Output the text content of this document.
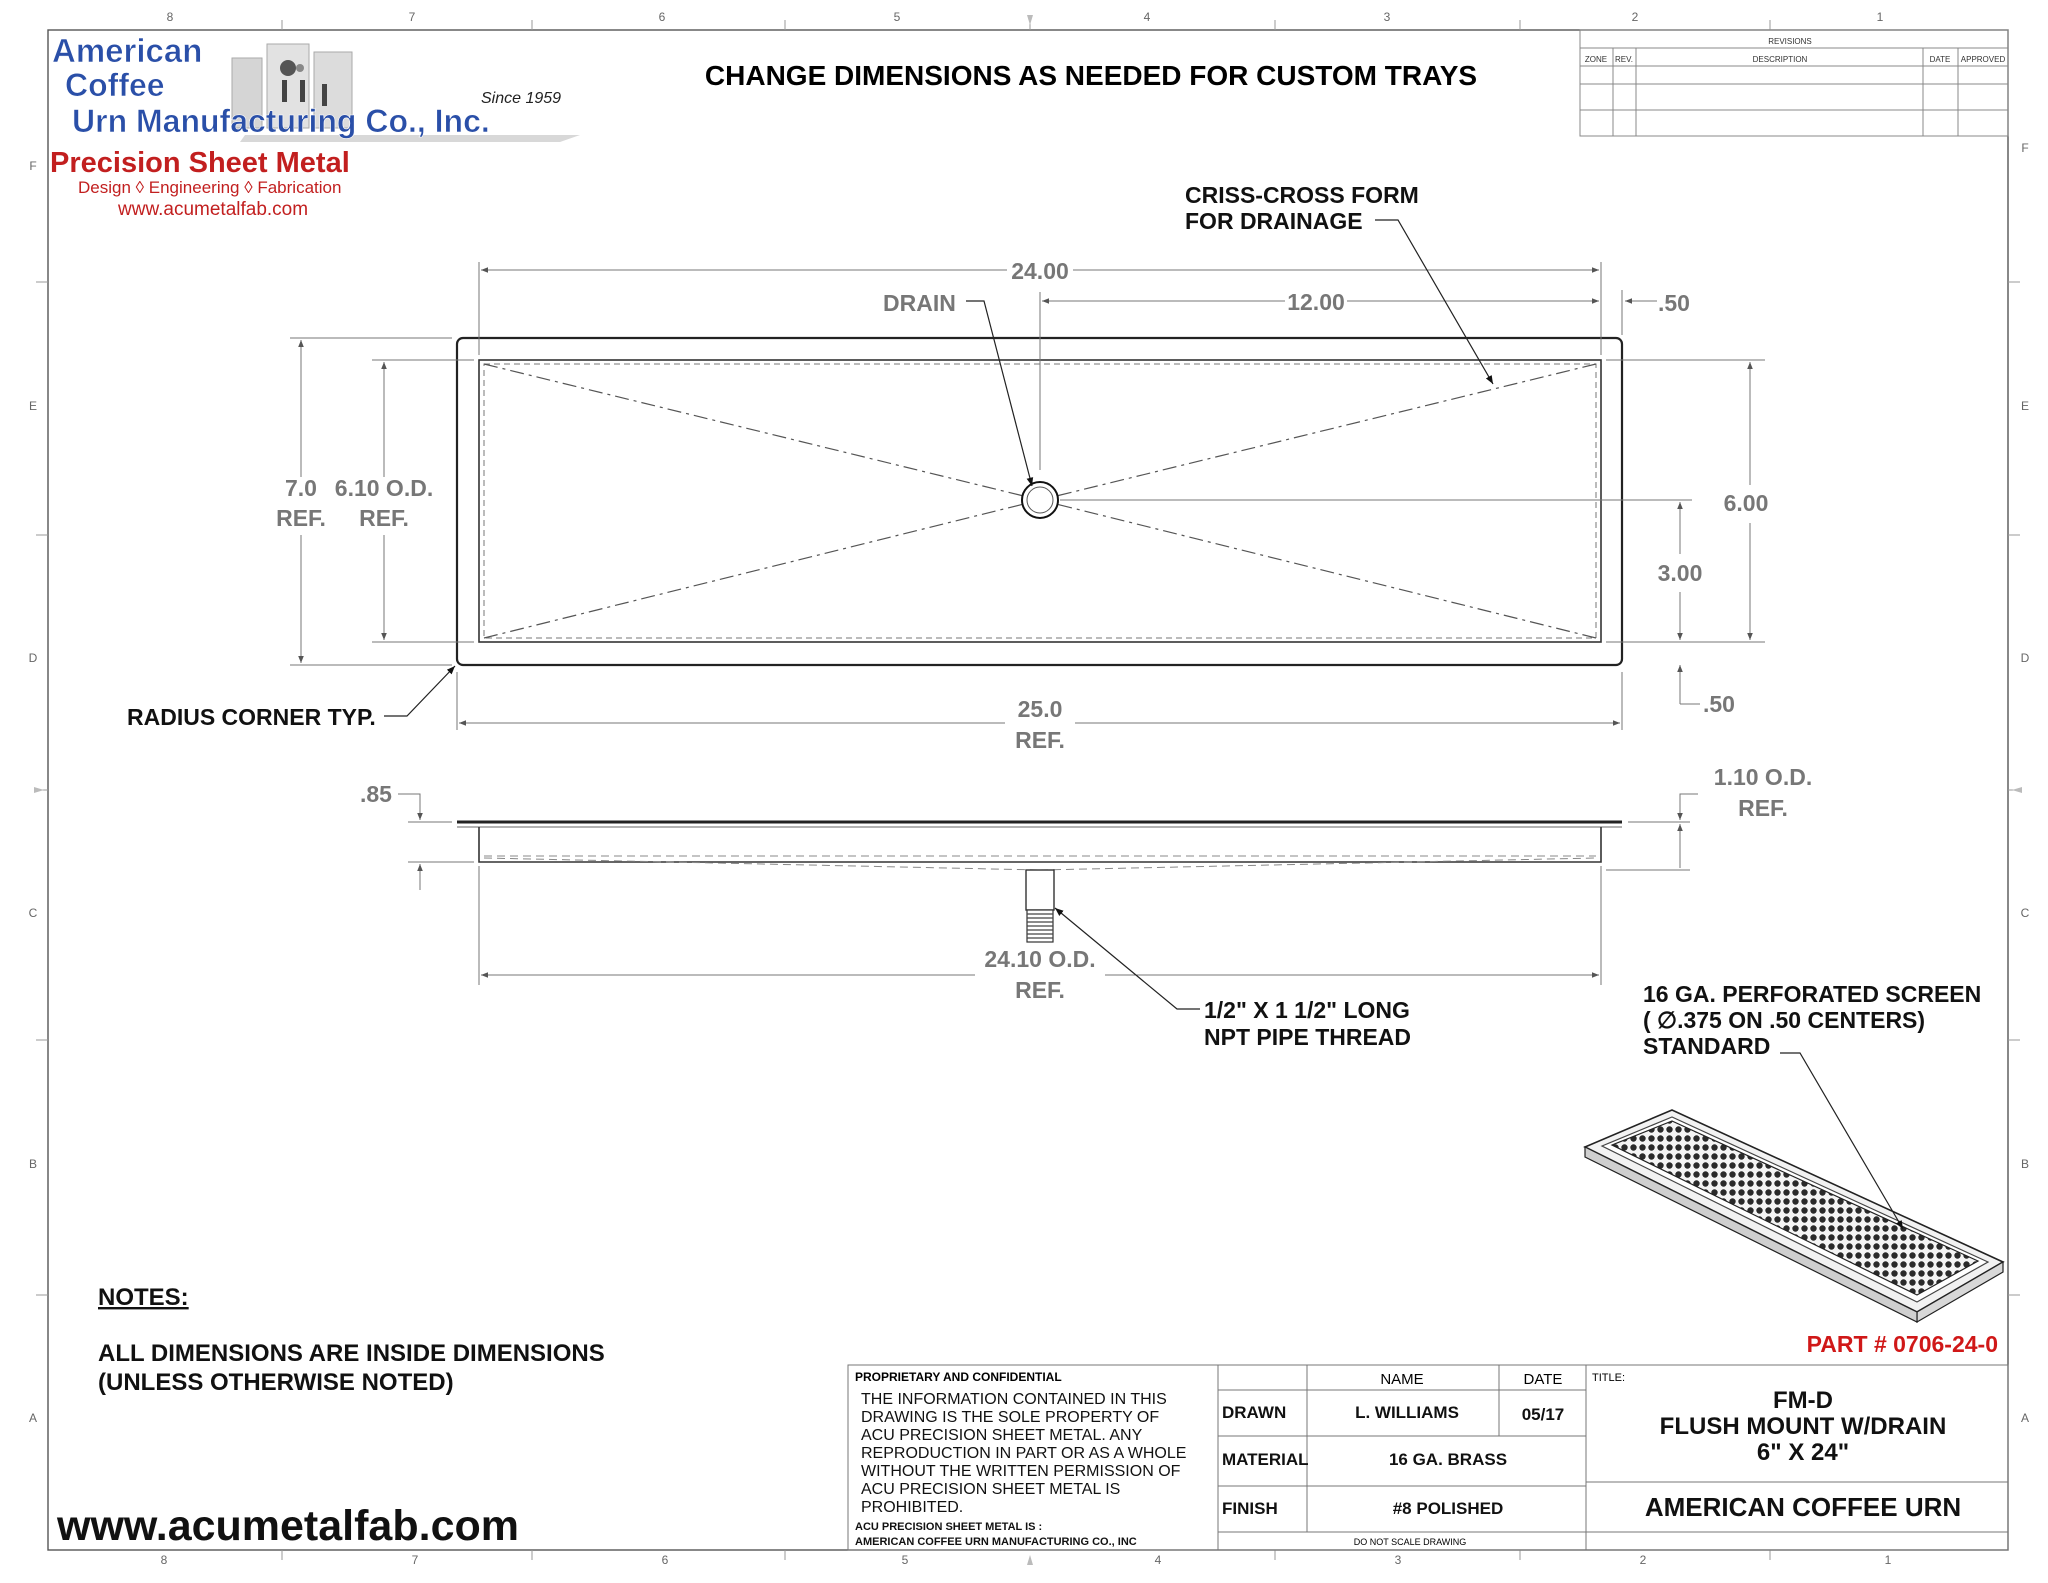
8	7	6	5	4	3	2	1
8	7	6	5	4	3	2	1
F
E
D
C
B
A
F
E
D
C
B
A
American
Coffee
Urn Manufacturing Co., Inc.
Since 1959
Precision Sheet Metal
Design ◊ Engineering ◊ Fabrication
www.acumetalfab.com
CHANGE DIMENSIONS AS NEEDED FOR CUSTOM TRAYS
REVISIONS
ZONE REV.	DESCRIPTION	DATE APPROVED
CRISS-CROSS FORM
FOR DRAINAGE
DRAIN
24.00
12.00	.50
7.0
REF.
6.10 O.D.
REF.
6.00
3.00
.50
RADIUS CORNER TYP.	25.0
REF.
.85
1.10 O.D.
REF.
24.10 O.D.
REF.
1/2" X 1 1/2" LONG
NPT PIPE THREAD
16 GA. PERFORATED SCREEN
( ∅.375 ON .50 CENTERS)
STANDARD
NOTES:
ALL DIMENSIONS ARE INSIDE DIMENSIONS
(UNLESS OTHERWISE NOTED)
PART # 0706-24-0
www.acumetalfab.com
PROPRIETARY AND CONFIDENTIAL
THE INFORMATION CONTAINED IN THIS
DRAWING IS THE SOLE PROPERTY OF
ACU PRECISION SHEET METAL. ANY
REPRODUCTION IN PART OR AS A WHOLE
WITHOUT THE WRITTEN PERMISSION OF
ACU PRECISION SHEET METAL IS
PROHIBITED.
ACU PRECISION SHEET METAL IS :
AMERICAN COFFEE URN MANUFACTURING CO., INC
NAME	DATE
DRAWN	L. WILLIAMS	05/17
MATERIAL	16 GA. BRASS
FINISH	#8 POLISHED
DO NOT SCALE DRAWING
TITLE:
FM-D
FLUSH MOUNT W/DRAIN
6" X 24"
AMERICAN COFFEE URN
